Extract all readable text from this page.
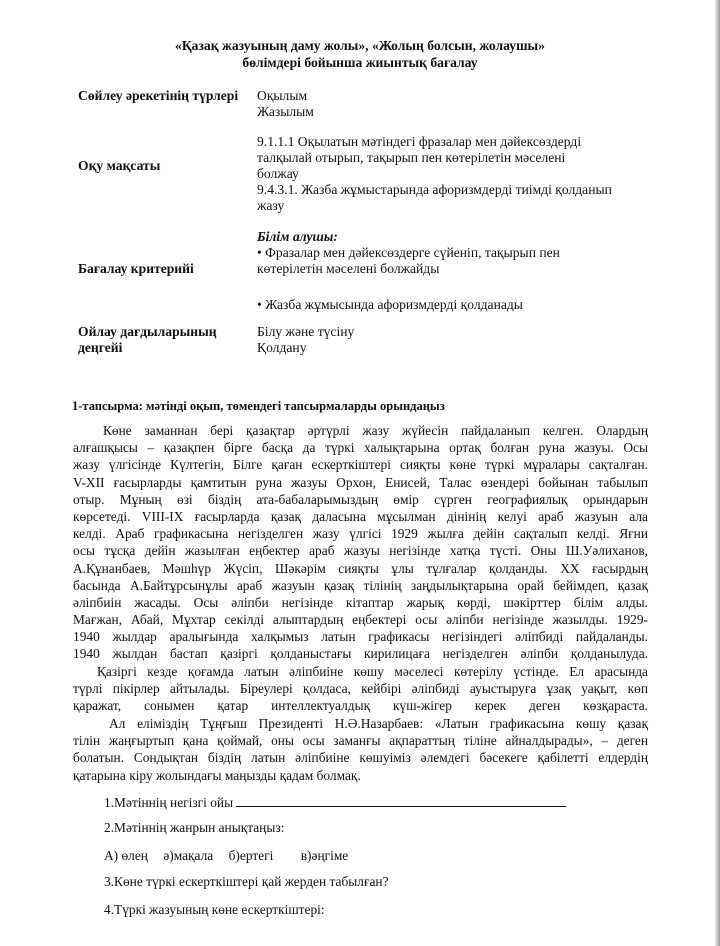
«Қазақ жазуының даму жолы», «Жолың болсын, жолаушы»
бөлімдері бойынша жиынтық бағалау
Сөйлеу әрекетінің түрлері	Оқылым
Жазылым
Оқу мақсаты
9.1.1.1 Оқылатын мәтіндегі фразалар мен дәйексөздерді
талқылай отырып, тақырып пен көтерілетін мәселені
болжау
9.4.3.1. Жазба жұмыстарында афоризмдерді тиімді қолданып
жазу
Бағалау критерийі
Білім алушы:
• Фразалар мен дәйексөздерге сүйеніп, тақырып пен
көтерілетін мәселені болжайды
• Жазба жұмысында афоризмдерді қолданады
Ойлау дағдыларының деңгейі
Білу және түсіну
Қолдану
1-тапсырма: мәтінді оқып, төмендегі тапсырмаларды орындаңыз
Көне заманнан бері қазақтар әртүрлі жазу жүйесін пайдаланып келген. Олардың
алғашқысы – қазақпен бірге басқа да түркі халықтарына ортақ болған руна жазуы. Осы
жазу үлгісінде Күлтегін, Білге қаған ескерткіштері сияқты көне түркі мұралары сақталған.
V-XII ғасырларды қамтитын руна жазуы Орхон, Енисей, Талас өзендері бойынан табылып
отыр. Мұның өзі біздің ата-бабаларымыздың өмір сүрген географиялық орындарын
көрсетеді. VIII-IX ғасырларда қазақ даласына мұсылман дінінің келуі араб жазуын ала
келді. Араб графикасына негізделген жазу үлгісі 1929 жылға дейін сақталып келді. Яғни
осы тұсқа дейін жазылған еңбектер араб жазуы негізінде хатқа түсті. Оны Ш.Уәлиханов,
А.Құнанбаев, Мәшһүр Жүсіп, Шәкәрім сияқты ұлы тұлғалар қолданды. ХХ ғасырдың
басында А.Байтұрсынұлы араб жазуын қазақ тілінің заңдылықтарына орай бейімдеп, қазақ
әліпбиін жасады. Осы әліпби негізінде кітаптар жарық көрді, шәкірттер білім алды.
Мағжан, Абай, Мұхтар секілді алыптардың еңбектері осы әліпби негізінде жазылды. 1929-
1940 жылдар аралығында халқымыз латын графикасы негізіндегі әліпбиді пайдаланды.
1940 жылдан бастап қазіргі қолданыстағы кирилицаға негізделген әліпби қолданылуда.
Қазіргі кезде қоғамда латын әліпбиіне көшу мәселесі көтерілу үстінде. Ел арасында
түрлі пікірлер айтылады. Біреулері қолдаса, кейбірі әліпбиді ауыстыруға ұзақ уақыт, көп
қаражат, сонымен қатар интеллектуалдық күш-жігер керек деген көзқараста.
Ал еліміздің Тұңғыш Президенті Н.Ә.Назарбаев: «Латын графикасына көшу қазақ
тілін жаңғыртып қана қоймай, оны осы заманғы ақпараттың тіліне айналдырады», – деген
болатын. Сондықтан біздің латын әліпбиіне көшуіміз әлемдегі бәсекеге қабілетті елдердің
қатарына кіру жолындағы маңызды қадам болмақ.
1.Мәтіннің негізгі ойы
2.Мәтіннің жанрын анықтаңыз:
А) өлең ә)мақала б)ертегі в)әңгіме
3.Көне түркі ескерткіштері қай жерден табылған?
4.Түркі жазуының көне ескерткіштері:
